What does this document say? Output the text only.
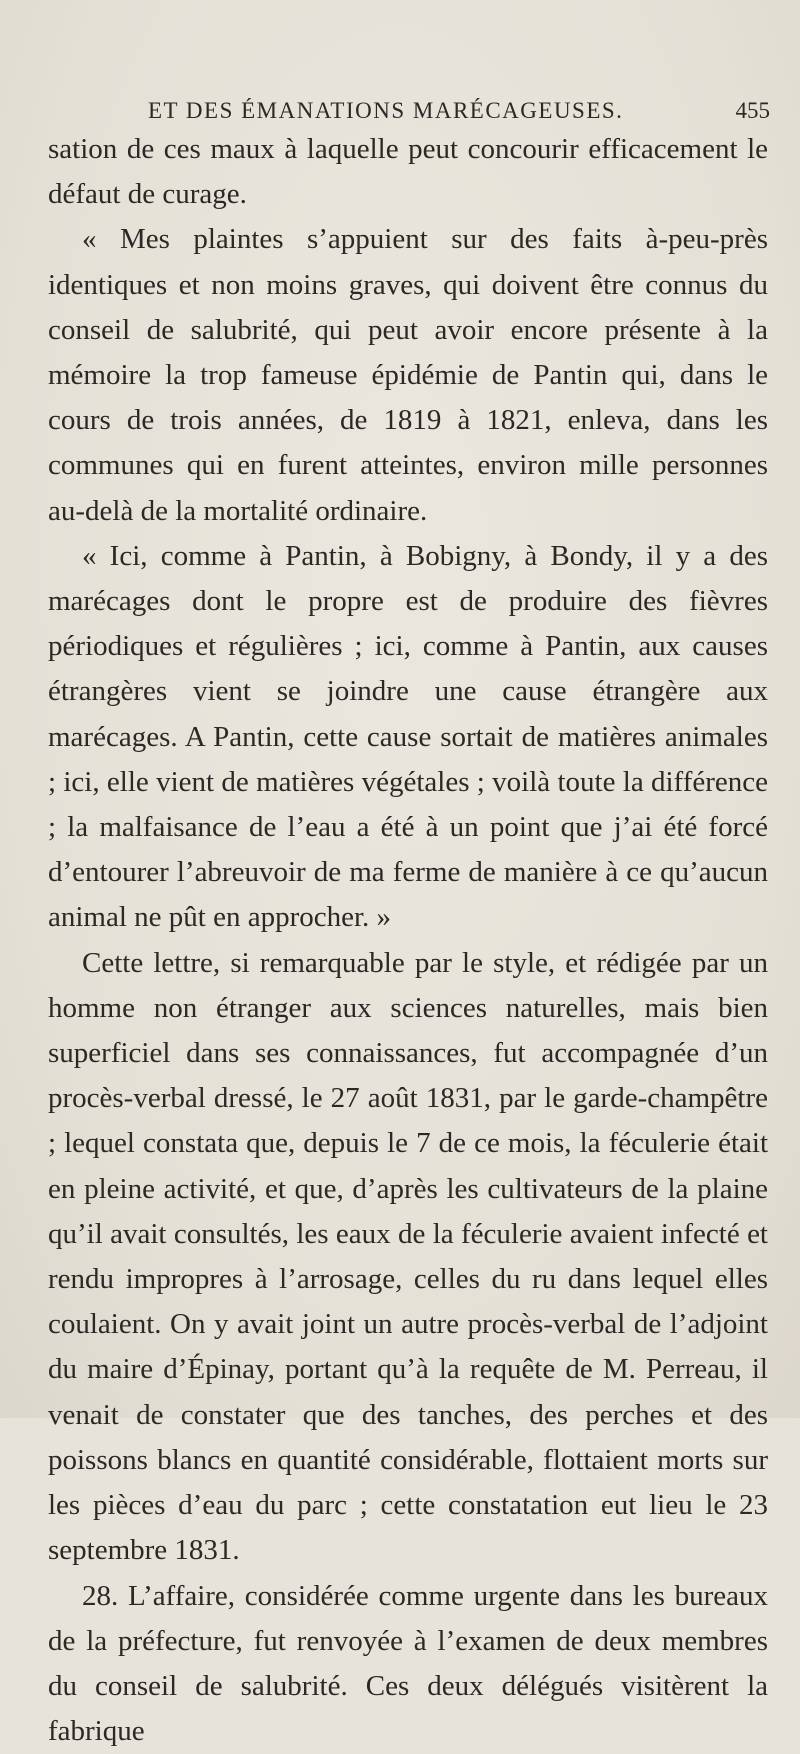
ET DES ÉMANATIONS MARÉCAGEUSES.	455

sation de ces maux à laquelle peut concourir efficacement le défaut de curage.

« Mes plaintes s’appuient sur des faits à-peu-près identiques et non moins graves, qui doivent être connus du conseil de salubrité, qui peut avoir encore présente à la mémoire la trop fameuse épidémie de Pantin qui, dans le cours de trois années, de 1819 à 1821, enleva, dans les communes qui en furent atteintes, environ mille personnes au-delà de la mortalité ordinaire.

« Ici, comme à Pantin, à Bobigny, à Bondy, il y a des marécages dont le propre est de produire des fièvres périodiques et régulières ; ici, comme à Pantin, aux causes étrangères vient se joindre une cause étrangère aux marécages. A Pantin, cette cause sortait de matières animales ; ici, elle vient de matières végétales ; voilà toute la différence ; la malfaisance de l’eau a été à un point que j’ai été forcé d’entourer l’abreuvoir de ma ferme de manière à ce qu’aucun animal ne pût en approcher. »

Cette lettre, si remarquable par le style, et rédigée par un homme non étranger aux sciences naturelles, mais bien superficiel dans ses connaissances, fut accompagnée d’un procès-verbal dressé, le 27 août 1831, par le garde-champêtre ; lequel constata que, depuis le 7 de ce mois, la féculerie était en pleine activité, et que, d’après les cultivateurs de la plaine qu’il avait consultés, les eaux de la féculerie avaient infecté et rendu impropres à l’arrosage, celles du ru dans lequel elles coulaient. On y avait joint un autre procès-verbal de l’adjoint du maire d’Épinay, portant qu’à la requête de M. Perreau, il venait de constater que des tanches, des perches et des poissons blancs en quantité considérable, flottaient morts sur les pièces d’eau du parc ; cette constatation eut lieu le 23 septembre 1831.

28. L’affaire, considérée comme urgente dans les bureaux de la préfecture, fut renvoyée à l’examen de deux membres du conseil de salubrité. Ces deux délégués visitèrent la fabrique
